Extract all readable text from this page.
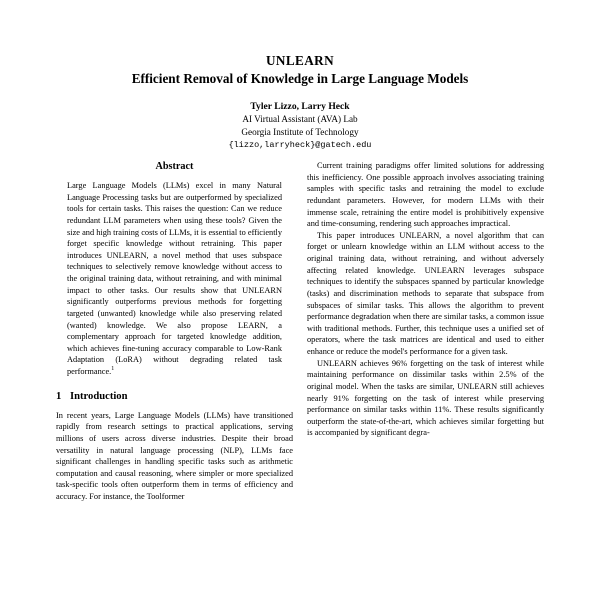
UNLEARN
Efficient Removal of Knowledge in Large Language Models
Tyler Lizzo, Larry Heck
AI Virtual Assistant (AVA) Lab
Georgia Institute of Technology
{lizzo,larryheck}@gatech.edu
Abstract

Large Language Models (LLMs) excel in many Natural Language Processing tasks but are outperformed by specialized tools for certain tasks. This raises the question: Can we reduce redundant LLM parameters when using these tools? Given the size and high training costs of LLMs, it is essential to efficiently forget specific knowledge without retraining. This paper introduces UNLEARN, a novel method that uses subspace techniques to selectively remove knowledge without access to the original training data, without retraining, and with minimal impact to other tasks. Our results show that UNLEARN significantly outperforms previous methods for forgetting targeted (unwanted) knowledge while also preserving related (wanted) knowledge. We also propose LEARN, a complementary approach for targeted knowledge addition, which achieves fine-tuning accuracy comparable to Low-Rank Adaptation (LoRA) without degrading related task performance.$^1$

1 Introduction

In recent years, Large Language Models (LLMs) have transitioned rapidly from research settings to practical applications, serving millions of users across diverse industries. Despite their broad versatility in natural language processing (NLP), LLMs face significant challenges in handling specific tasks such as arithmetic computation and causal reasoning, where simpler or more specialized task-specific tools often outperform them in terms of efficiency and accuracy. For instance, the Toolformer

Current training paradigms offer limited solutions for addressing this inefficiency. One possible approach involves associating training samples with specific tasks and retraining the model to exclude redundant parameters. However, for modern LLMs with their immense scale, retraining the entire model is prohibitively expensive and time-consuming, rendering such approaches impractical.

This paper introduces UNLEARN, a novel algorithm that can forget or unlearn knowledge within an LLM without access to the original training data, without retraining, and without adversely affecting related knowledge. UNLEARN leverages subspace techniques to identify the subspaces spanned by particular knowledge (tasks) and discrimination methods to separate that subspace from subspaces of similar tasks. This allows the algorithm to prevent performance degradation when there are similar tasks, a common issue with traditional methods. Further, this technique uses a unified set of operators, where the task matrices are identical and used to either enhance or reduce the model's performance for a given task.

UNLEARN achieves 96% forgetting on the task of interest while maintaining performance on dissimilar tasks within 2.5% of the original model. When the tasks are similar, UNLEARN still achieves nearly 91% forgetting on the task of interest while preserving performance on similar tasks within 11%. These results significantly outperform the state-of-the-art, which achieves similar forgetting but is accompanied by significant degra-
